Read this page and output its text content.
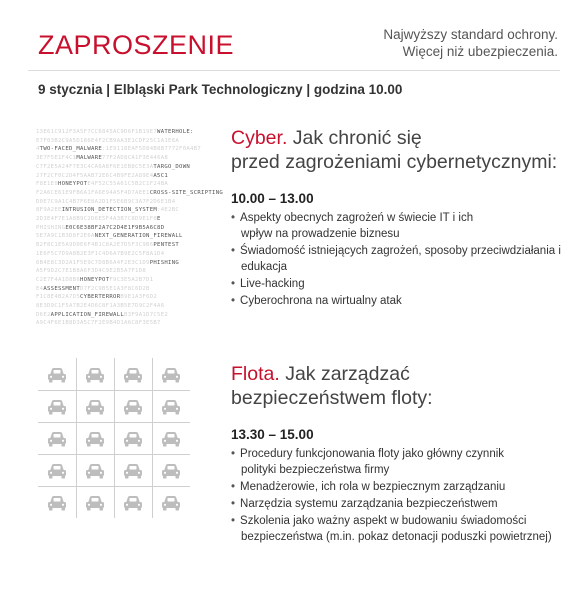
ZAPROSZENIE	Najwyższy standard ochrony.
Więcej niż ubezpieczenia.
9 stycznia | Elbląski Park Technologiczny | godzina 10.00
13E61C912F3A5F7CC6845AC9D6F1B19E7WATERHOLE:
E7F03B2C9A5D186E4F2CB9AA3E1CDF25C1A1E6A
4TWO-FACED_MALWARE:1E9118EAF5D84B8B7772F0A4B7
3E7F5E1F4C1MALWARE77F2AD8CA1F3E446A8
C7F2E5A24F7E3C4CA6A8F6E1EB8C5E3ATARGO_DOWN
27F2CF0C2D4F5AAB72E6C4B9FE2A89E4A5C1
F8E1E0HONEYPOTE4F52C55A61C5B2C1F24BA
F2A6CE61E9FB6A1FA6E94A5F4D7AEE1CROSS-SITE_SCRIPTING
D0E7C9A1C4B7F6E8A2D1F5E6B9C3A7F2D6E1B4
8F9A2EEINTRUSION_DETECTION_SYSTEM:4E2BC
2D3E4F7E1A8B9C2D6E5F4A3B7C8D9E1F0E
PHISHINGE0C6E38BF2A7C2D4E1F9B5A6C8D
5E7A9C1B3D8F2E6ANEXT_GENERATION_FIREWALL
B2F8C1E5A9D0E6F4B1C8A2E7D5F3C9B6PENTEST
1E6F5C7D9A8B2E3F1C4D6A7B9E2C5F8A1D4
6B4E8C3D2A1F5E9C7D8B6A4F2E3C1D9PHISHING
A5F9D2C7E1B8A6F3D4C9E2B5A7F1D8
C2E7F4A1D8B6HONEYPOTF9C3E5A2B7D1
E4ASSESSMENTD7F2C9B5E1A3F8C6D2B
F1C8E4B2A7D5CYBERTERRORB9E1A3F6D2
8E3D9C1F5A7B2E4D6C8F1A3B5E7D9C2F4A6
D6E2APPLICATION_FIREWALLB3F9A1D7C5E2
A9C4F6E1B8D3A5C7F2E9B4D1A6C8F3E5B7
Cyber. Jak chronić się
przed zagrożeniami cybernetycznymi:
10.00 – 13.00
• Aspekty obecnych zagrożeń w świecie IT i ich wpływ na prowadzenie biznesu
• Świadomość istniejących zagrożeń, sposoby przeciwdziałania i edukacja
• Live-hacking
• Cyberochrona na wirtualny atak
Flota. Jak zarządzać
bezpieczeństwem floty:
13.30 – 15.00
• Procedury funkcjonowania floty jako główny czynnik polityki bezpieczeństwa firmy
• Menadżerowie, ich rola w bezpiecznym zarządzaniu
• Narzędzia systemu zarządzania bezpieczeństwem
• Szkolenia jako ważny aspekt w budowaniu świadomości bezpieczeństwa (m.in. pokaz detonacji poduszki powietrznej)
